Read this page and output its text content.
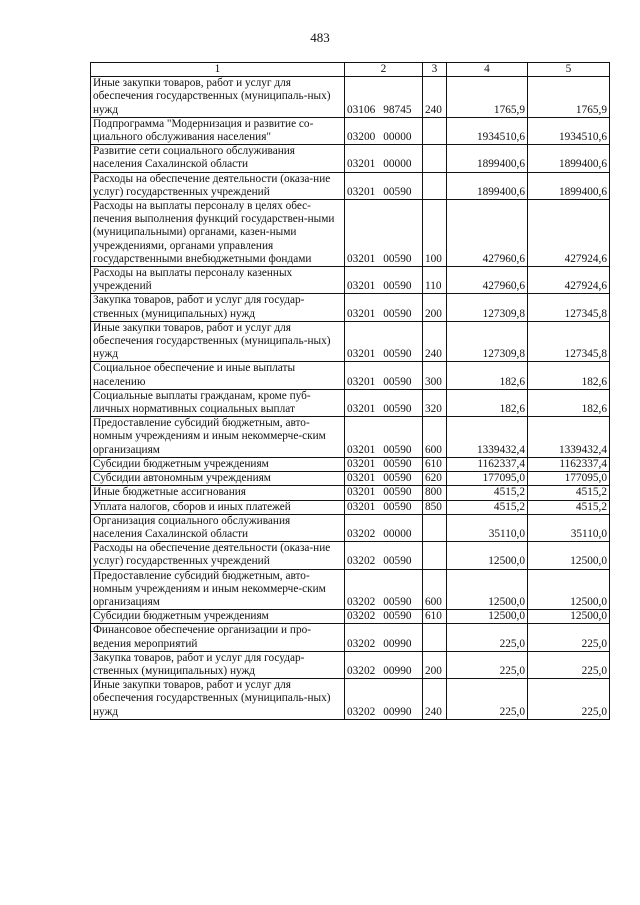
483
1	2	3	4	5
Иные закупки товаров, работ и услуг для обеспечения государственных (муниципаль-ных) нужд	03106 98745	240	1765,9	1765,9
Подпрограмма "Модернизация и развитие со-циального обслуживания населения"	03200 00000		1934510,6	1934510,6
Развитие сети социального обслуживания населения Сахалинской области	03201 00000		1899400,6	1899400,6
Расходы на обеспечение деятельности (оказа-ние услуг) государственных учреждений	03201 00590		1899400,6	1899400,6
Расходы на выплаты персоналу в целях обес-печения выполнения функций государствен-ными (муниципальными) органами, казен-ными учреждениями, органами управления государственными внебюджетными фондами	03201 00590	100	427960,6	427924,6
Расходы на выплаты персоналу казенных учреждений	03201 00590	110	427960,6	427924,6
Закупка товаров, работ и услуг для государ-ственных (муниципальных) нужд	03201 00590	200	127309,8	127345,8
Иные закупки товаров, работ и услуг для обеспечения государственных (муниципаль-ных) нужд	03201 00590	240	127309,8	127345,8
Социальное обеспечение и иные выплаты населению	03201 00590	300	182,6	182,6
Социальные выплаты гражданам, кроме пуб-личных нормативных социальных выплат	03201 00590	320	182,6	182,6
Предоставление субсидий бюджетным, авто-номным учреждениям и иным некоммерче-ским организациям	03201 00590	600	1339432,4	1339432,4
Субсидии бюджетным учреждениям	03201 00590	610	1162337,4	1162337,4
Субсидии автономным учреждениям	03201 00590	620	177095,0	177095,0
Иные бюджетные ассигнования	03201 00590	800	4515,2	4515,2
Уплата налогов, сборов и иных платежей	03201 00590	850	4515,2	4515,2
Организация социального обслуживания населения Сахалинской области	03202 00000		35110,0	35110,0
Расходы на обеспечение деятельности (оказа-ние услуг) государственных учреждений	03202 00590		12500,0	12500,0
Предоставление субсидий бюджетным, авто-номным учреждениям и иным некоммерче-ским организациям	03202 00590	600	12500,0	12500,0
Субсидии бюджетным учреждениям	03202 00590	610	12500,0	12500,0
Финансовое обеспечение организации и про-ведения мероприятий	03202 00990		225,0	225,0
Закупка товаров, работ и услуг для государ-ственных (муниципальных) нужд	03202 00990	200	225,0	225,0
Иные закупки товаров, работ и услуг для обеспечения государственных (муниципаль-ных) нужд	03202 00990	240	225,0	225,0
